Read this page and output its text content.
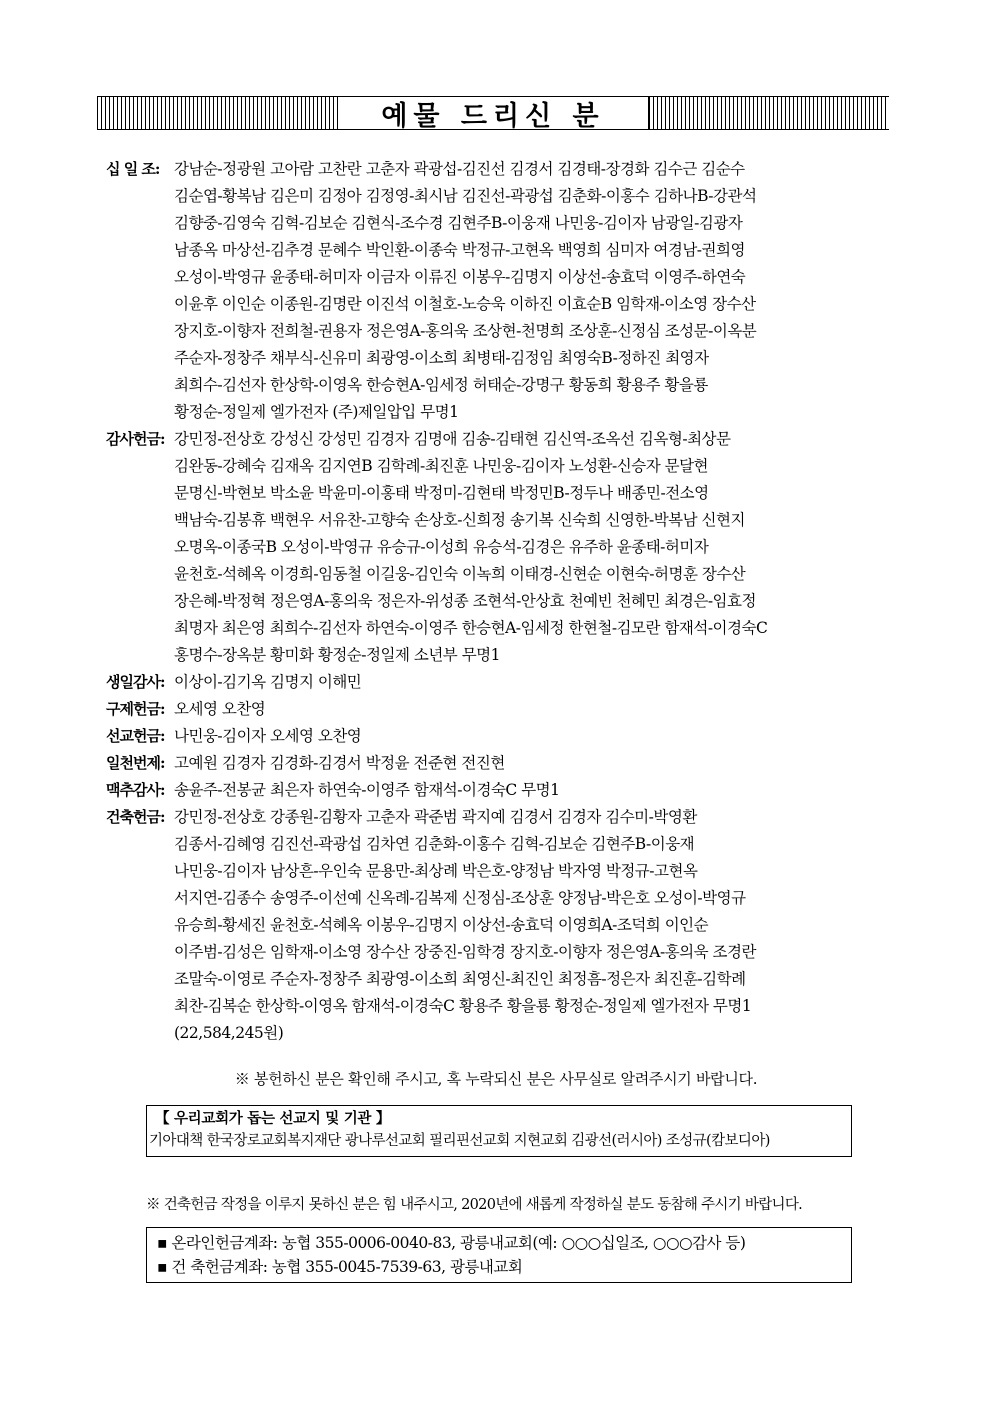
예물 드리신 분
십 일 조: 강남순-정광원 고아람 고찬란 고춘자 곽광섭-김진선 김경서 김경태-장경화 김수근 김순수
김순엽-황복남 김은미 김정아 김정영-최시남 김진선-곽광섭 김춘화-이홍수 김하나B-강관석
김향중-김영숙 김혁-김보순 김현식-조수경 김현주B-이웅재 나민웅-김이자 남광일-김광자
남종옥 마상선-김추경 문혜수 박인환-이종숙 박정규-고현옥 백영희 심미자 여경남-권희영
오성이-박영규 윤종태-허미자 이금자 이류진 이봉우-김명지 이상선-송효덕 이영주-하연숙
이윤후 이인순 이종원-김명란 이진석 이철호-노승욱 이하진 이효순B 임학재-이소영 장수산
장지호-이향자 전희철-권용자 정은영A-홍의욱 조상현-천명희 조상훈-신정심 조성문-이옥분
주순자-정창주 채부식-신유미 최광영-이소희 최병태-김정임 최영숙B-정하진 최영자
최희수-김선자 한상학-이영옥 한승현A-임세정 허태순-강명구 황동희 황용주 황을룡
황정순-정일제 엘가전자 (주)제일압입 무명1
감사헌금: 강민정-전상호 강성신 강성민 김경자 김명애 김송-김태현 김신역-조옥선 김옥형-최상문
김완동-강혜숙 김재옥 김지연B 김학례-최진훈 나민웅-김이자 노성환-신승자 문달현
문명신-박현보 박소윤 박윤미-이홍태 박정미-김현태 박정민B-정두나 배종민-전소영
백남숙-김봉휴 백현우 서유찬-고향숙 손상호-신희정 송기복 신숙희 신영한-박복남 신현지
오명옥-이종국B 오성이-박영규 유승규-이성희 유승석-김경은 유주하 윤종태-허미자
윤천호-석혜옥 이경희-임동철 이길웅-김인숙 이녹희 이태경-신현순 이현숙-허명훈 장수산
장은혜-박정혁 정은영A-홍의욱 정은자-위성종 조현석-안상효 천예빈 천혜민 최경은-임효정
최명자 최은영 최희수-김선자 하연숙-이영주 한승현A-임세정 한현철-김모란 함재석-이경숙C
홍명수-장옥분 황미화 황정순-정일제 소년부 무명1
생일감사: 이상이-김기옥 김명지 이해민
구제헌금: 오세영 오찬영
선교헌금: 나민웅-김이자 오세영 오찬영
일천번제: 고예원 김경자 김경화-김경서 박정윤 전준현 전진현
맥추감사: 송윤주-전봉균 최은자 하연숙-이영주 함재석-이경숙C 무명1
건축헌금: 강민정-전상호 강종원-김황자 고춘자 곽준범 곽지예 김경서 김경자 김수미-박영환
김종서-김혜영 김진선-곽광섭 김차연 김춘화-이홍수 김혁-김보순 김현주B-이웅재
나민웅-김이자 남상흔-우인숙 문용만-최상례 박은호-양정남 박자영 박정규-고현옥
서지연-김종수 송영주-이선예 신옥례-김복제 신정심-조상훈 양정남-박은호 오성이-박영규
유승희-황세진 윤천호-석혜옥 이봉우-김명지 이상선-송효덕 이영희A-조덕희 이인순
이주범-김성은 임학재-이소영 장수산 장중진-임학경 장지호-이향자 정은영A-홍의욱 조경란
조말숙-이영로 주순자-정창주 최광영-이소희 최영신-최진인 최정흠-정은자 최진훈-김학례
최찬-김복순 한상학-이영옥 함재석-이경숙C 황용주 황을룡 황정순-정일제 엘가전자 무명1
(22,584,245원)
※ 봉헌하신 분은 확인해 주시고, 혹 누락되신 분은 사무실로 알려주시기 바랍니다.
【 우리교회가 돕는 선교지 및 기관 】
기아대책 한국장로교회복지재단 광나루선교회 필리핀선교회 지현교회 김광선(러시아) 조성규(캄보디아)
※ 건축헌금 작정을 이루지 못하신 분은 힘 내주시고, 2020년에 새롭게 작정하실 분도 동참해 주시기 바랍니다.
▪ 온라인헌금계좌: 농협 355-0006-0040-83, 광릉내교회(예: ○○○십일조, ○○○감사 등)
▪ 건 축헌금계좌: 농협 355-0045-7539-63, 광릉내교회
